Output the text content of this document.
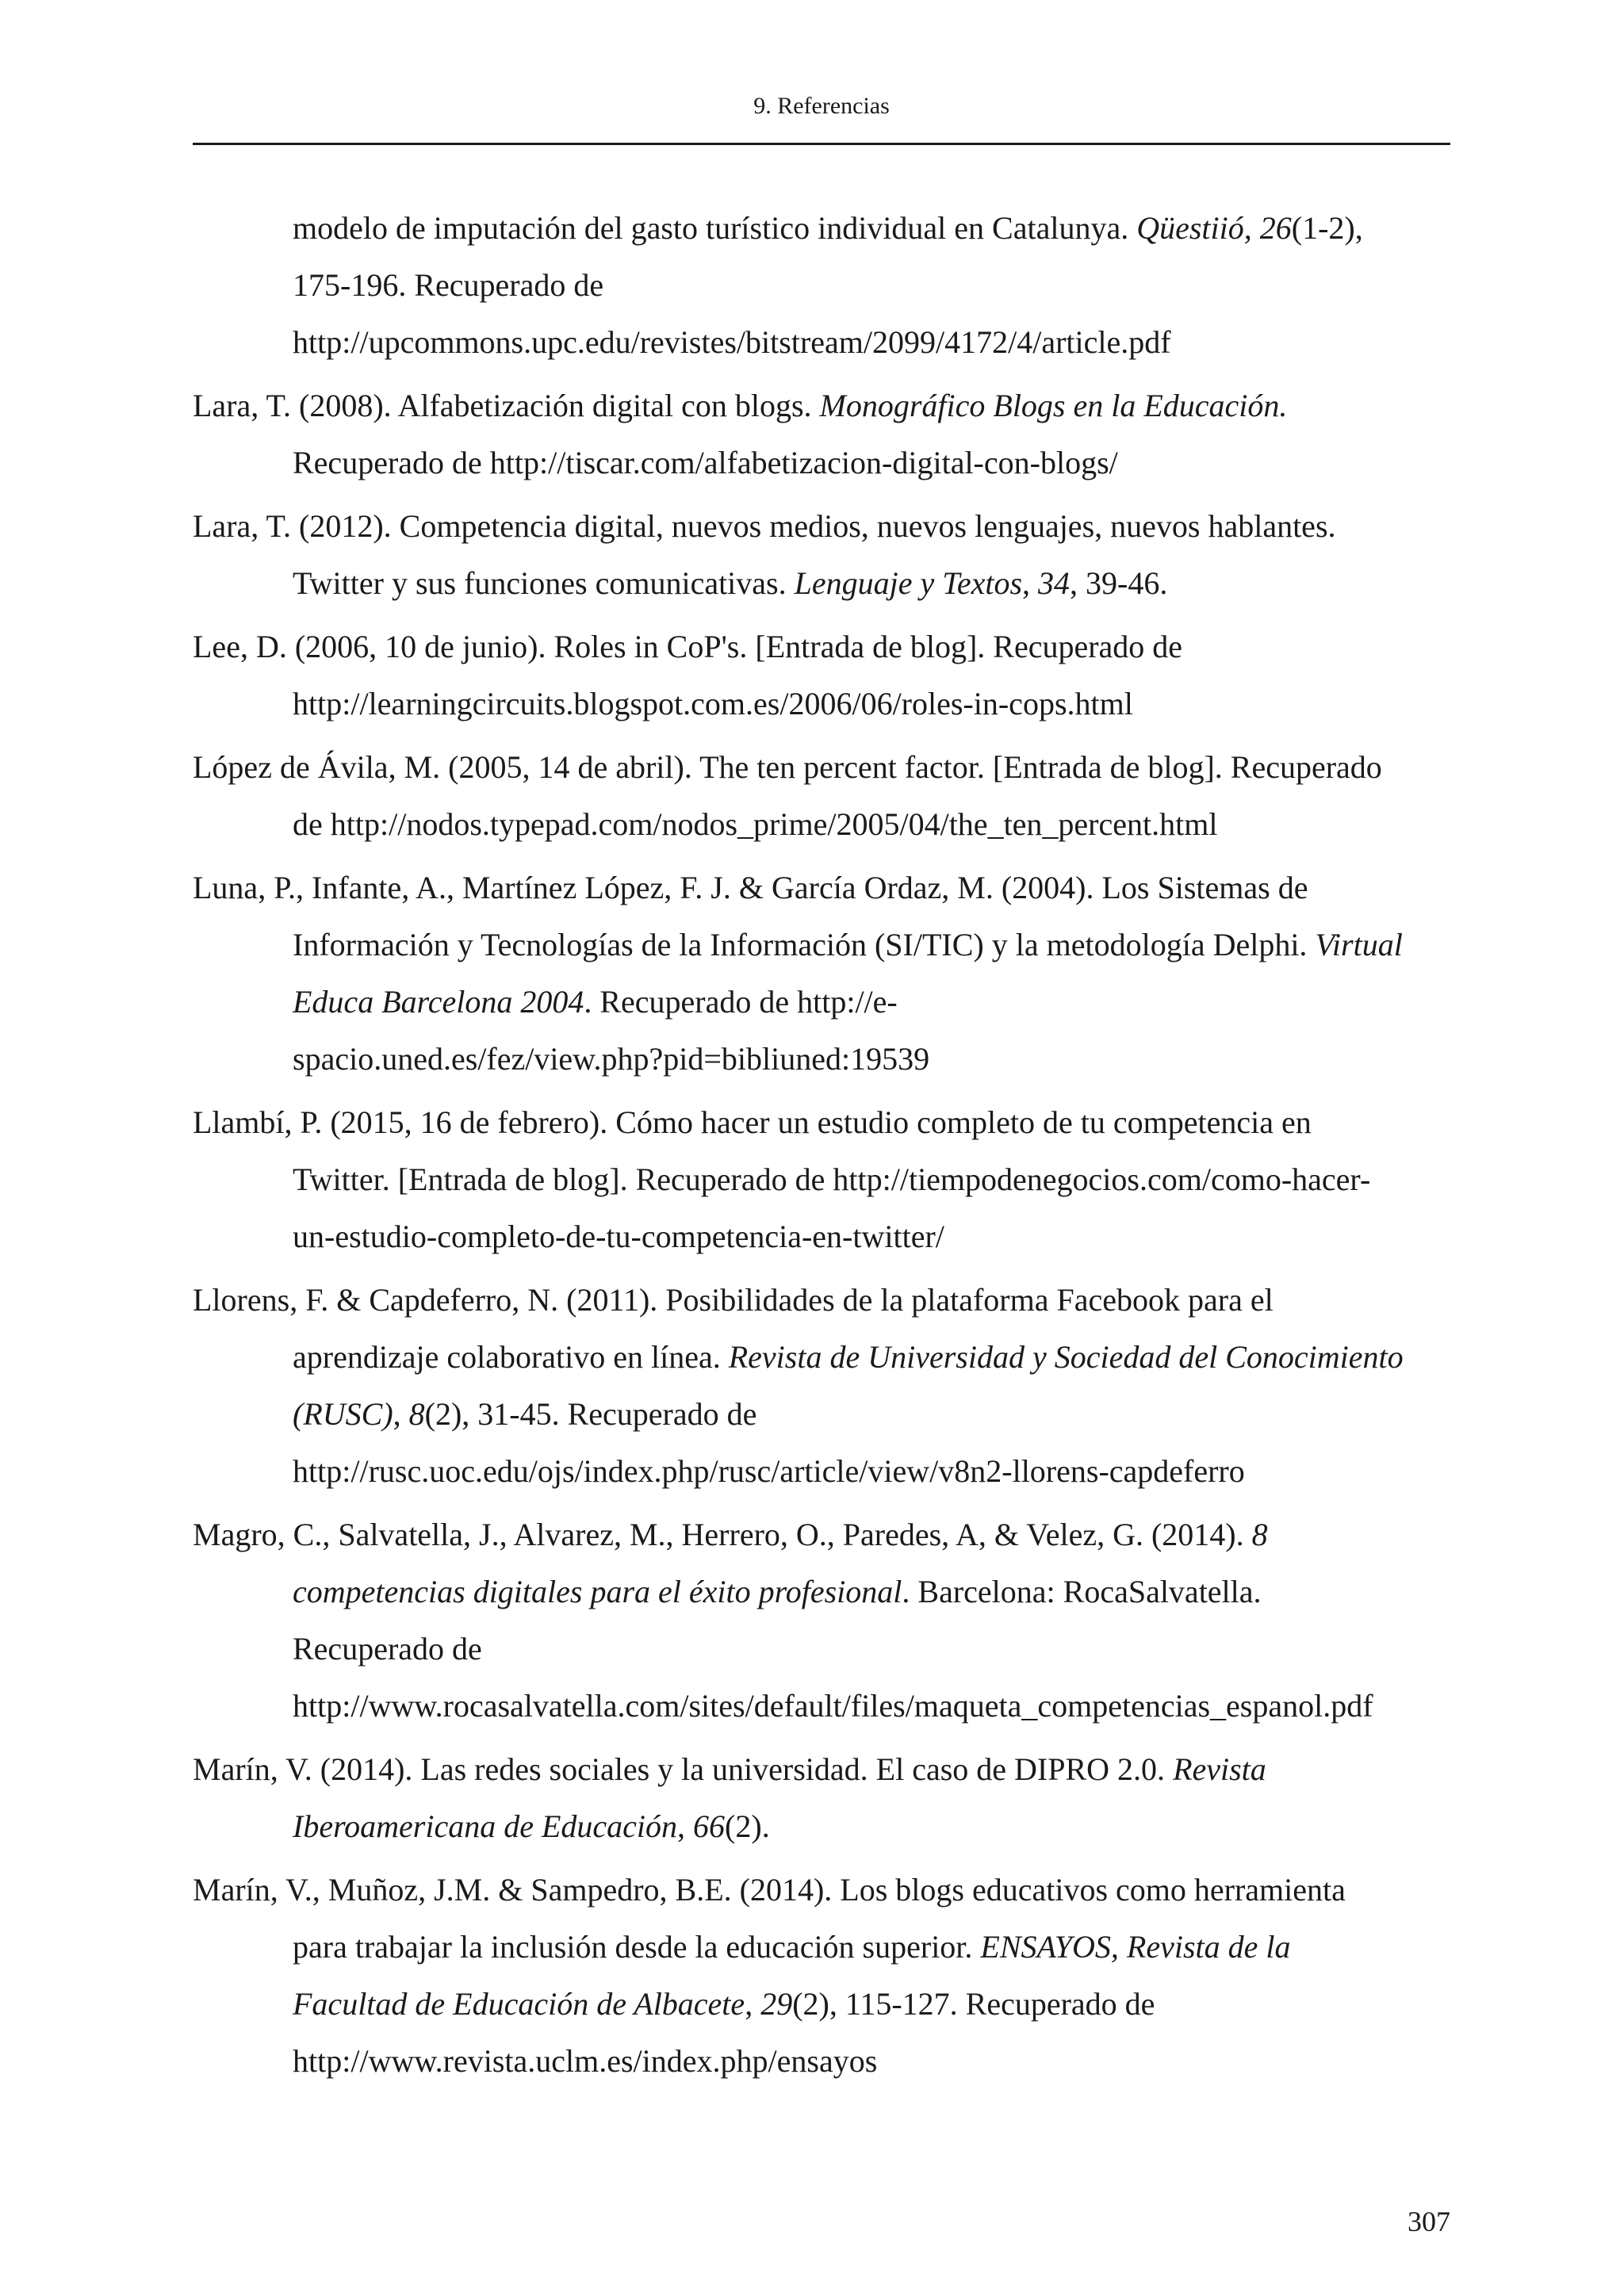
9. Referencias
modelo de imputación del gasto turístico individual en Catalunya. Qüestiió, 26(1-2),
175-196. Recuperado de
http://upcommons.upc.edu/revistes/bitstream/2099/4172/4/article.pdf
Lara, T. (2008). Alfabetización digital con blogs. Monográfico Blogs en la Educación.
Recuperado de http://tiscar.com/alfabetizacion-digital-con-blogs/
Lara, T. (2012). Competencia digital, nuevos medios, nuevos lenguajes, nuevos hablantes.
Twitter y sus funciones comunicativas. Lenguaje y Textos, 34, 39-46.
Lee, D. (2006, 10 de junio). Roles in CoP's. [Entrada de blog]. Recuperado de
http://learningcircuits.blogspot.com.es/2006/06/roles-in-cops.html
López de Ávila, M. (2005, 14 de abril). The ten percent factor. [Entrada de blog]. Recuperado
de http://nodos.typepad.com/nodos_prime/2005/04/the_ten_percent.html
Luna, P., Infante, A., Martínez López, F. J. & García Ordaz, M. (2004). Los Sistemas de
Información y Tecnologías de la Información (SI/TIC) y la metodología Delphi. Virtual
Educa Barcelona 2004. Recuperado de http://e-
spacio.uned.es/fez/view.php?pid=bibliuned:19539
Llambí, P. (2015, 16 de febrero). Cómo hacer un estudio completo de tu competencia en
Twitter. [Entrada de blog]. Recuperado de http://tiempodenegocios.com/como-hacer-
un-estudio-completo-de-tu-competencia-en-twitter/
Llorens, F. & Capdeferro, N. (2011). Posibilidades de la plataforma Facebook para el
aprendizaje colaborativo en línea. Revista de Universidad y Sociedad del Conocimiento
(RUSC), 8(2), 31-45. Recuperado de
http://rusc.uoc.edu/ojs/index.php/rusc/article/view/v8n2-llorens-capdeferro
Magro, C., Salvatella, J., Alvarez, M., Herrero, O., Paredes, A, & Velez, G. (2014). 8
competencias digitales para el éxito profesional. Barcelona: RocaSalvatella.
Recuperado de
http://www.rocasalvatella.com/sites/default/files/maqueta_competencias_espanol.pdf
Marín, V. (2014). Las redes sociales y la universidad. El caso de DIPRO 2.0. Revista
Iberoamericana de Educación, 66(2).
Marín, V., Muñoz, J.M. & Sampedro, B.E. (2014). Los blogs educativos como herramienta
para trabajar la inclusión desde la educación superior. ENSAYOS, Revista de la
Facultad de Educación de Albacete, 29(2), 115-127. Recuperado de
http://www.revista.uclm.es/index.php/ensayos
307
